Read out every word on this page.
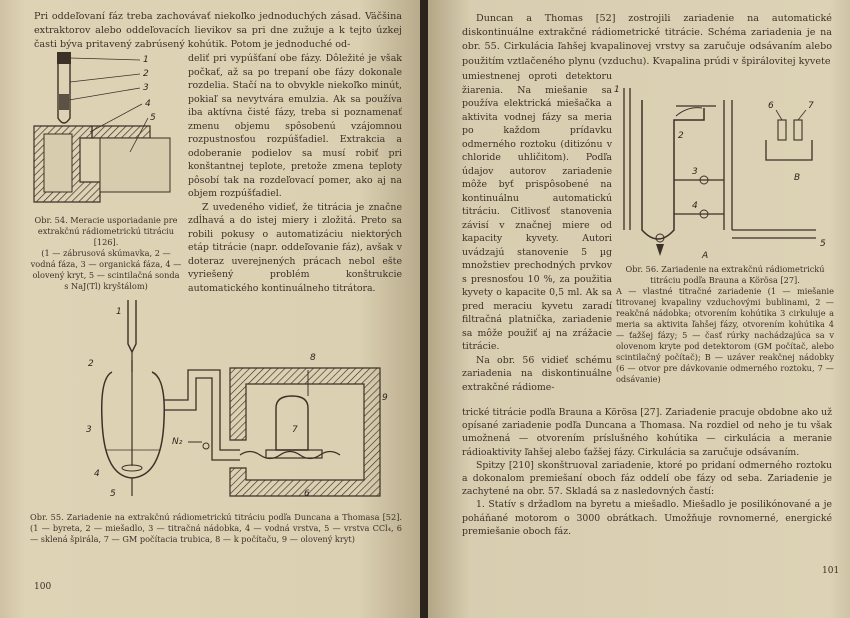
Pri oddeľovaní fáz treba zachovávať niekoľko jednoduchých zásad. Väčšina extraktorov alebo oddeľovacích lievikov sa pri dne zužuje a k tejto úzkej časti býva pritavený zabrúsený kohútik. Potom je jednoduché od-

1
2
3
4
5

deliť pri vypúšťaní obe fázy. Dôležité je však počkať, až sa po trepaní obe fázy dokonale rozdelia. Stačí na to obvykle niekoľko minút, pokiaľ sa nevytvára emulzia. Ak sa používa iba aktívna čisté fázy, treba si poznamenať zmenu objemu spôsobenú vzájomnou rozpustnosťou rozpúšťadiel. Extrakcia a odoberanie podielov sa musí robiť pri konštantnej teplote, pretože zmena teploty pôsobí tak na rozdeľovací pomer, ako aj na objem rozpúšťadiel.

Z uvedeného vidieť, že titrácia je značne zdĺhavá a do istej miery i zložitá. Preto sa robili pokusy o automatizáciu niektorých etáp titrácie (napr. oddeľovanie fáz), avšak v doteraz uverejnených prácach nebol ešte vyriešený problém konštrukcie automatického kontinuálneho titrátora.

Obr. 54. Meracie usporiadanie pre extrakčnú rádiometrickú titráciu [126].

(1 — zábrusová skúmavka, 2 — vodná fáza, 3 — organická fáza, 4 — olovený kryt, 5 — scintilačná sonda s NaJ(Tl) kryštálom)

1
2
3
4
5	6
7
8
9
N₂

Obr. 55. Zariadenie na extrakčnú rádiometrickú titráciu podľa Duncana a Thomasa [52]. (1 — byreta, 2 — miešadlo, 3 — titračná nádobka, 4 — vodná vrstva, 5 — vrstva CCl₄, 6 — sklená špirála, 7 — GM počítacia trubica, 8 — k počítaču, 9 — olovený kryt)

100

Duncan a Thomas [52] zostrojili zariadenie na automatické diskontinuálne extrakčné rádiometrické titrácie. Schéma zariadenia je na obr. 55. Cirkulácia ľahšej kvapalinovej vrstvy sa zaručuje odsávaním alebo použitím vztlačeného plynu (vzduchu). Kvapalina prúdi v špirálovitej kyvete

umiestnenej oproti detektoru žiarenia. Na miešanie sa používa elektrická miešačka a aktivita vodnej fázy sa meria po každom prídavku odmerného roztoku (ditizónu v chloride uhličitom). Podľa údajov autorov zariadenie môže byť prispôsobené na kontinuálnu automatickú titráciu. Citlivosť stanovenia závisí v značnej miere od kapacity kyvety. Autori uvádzajú stanovenie 5 µg množstiev prechodných prvkov s presnosťou 10 %, za použitia kyvety o kapacite 0,5 ml. Ak sa pred meraciu kyvetu zaradí filtračná platnička, zariadenie sa môže použiť aj na zrážacie titrácie.

Na obr. 56 vidieť schému zariadenia na diskontinuálne extrakčné rádiome-

1
2
3
4
5
6	7
A
B

Obr. 56. Zariadenie na extrakčnú rádiometrickú titráciu podľa Brauna a Körösa [27].

A — vlastné titračné zariadenie (1 — miešanie titrovanej kvapaliny vzduchovými bublinami, 2 — reakčná nádobka; otvorením kohútika 3 cirkuluje a meria sa aktivita ľahšej fázy, otvorením kohútika 4 — ťažšej fázy; 5 — časť rúrky nachádzajúca sa v olovenom kryte pod detektorom (GM počítač, alebo scintilačný počítač); B — uzáver reakčnej nádobky (6 — otvor pre dávkovanie odmerného roztoku, 7 — odsávanie)

trické titrácie podľa Brauna a Körösa [27]. Zariadenie pracuje obdobne ako už opísané zariadenie podľa Duncana a Thomasa. Na rozdiel od neho je tu však umožnená — otvorením príslušného kohútika — cirkulácia a meranie rádioaktivity ľahšej alebo ťažšej fázy. Cirkulácia sa zaručuje odsávaním.

Spitzy [210] skonštruoval zariadenie, ktoré po pridaní odmerného roztoku a dokonalom premiešaní oboch fáz oddelí obe fázy od seba. Zariadenie je zachytené na obr. 57. Skladá sa z nasledovných častí:

1. Statív s držadlom na byretu a miešadlo. Miešadlo je posilikónované a je poháňané motorom o 3000 obrátkach. Umožňuje rovnomerné, energické premiešanie oboch fáz.

101
